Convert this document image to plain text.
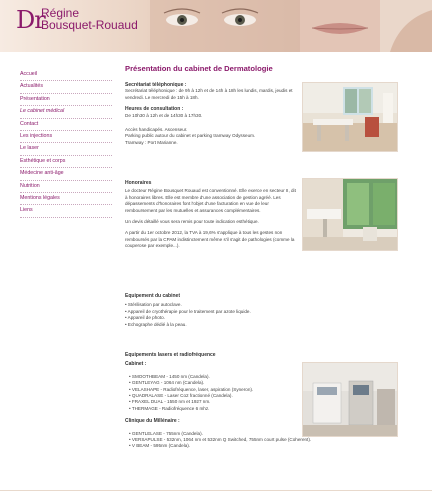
Dr
Régine
Bousquet-Rouaud
Accueil
Actualités
Présentation
Le cabinet médical
Contact
Les injections
Le laser
Esthétique et corps
Médecine anti-âge
Nutrition
Mentions légales
Liens
Présentation du cabinet de Dermatologie

Secrétariat téléphonique :

Secrétariat téléphonique : de 9h à 12h et de 14h à 18h les lundis, mardis, jeudis et vendredi. Le mercredi de 15h à 18h.

Heures de consultation :

De 10h30 à 12h et de 14h30 à 17h30.

Accès handicapés. Ascenseur.

Parking public autour du cabinet et parking tramway Odysseum.

Tramway : Port Marianne.

Honoraires

Le docteur Régine Bousquet Rouaud est conventionné. Elle exerce en secteur II, dit à honoraires libres. Elle est membre d'une association de gestion agréé. Les dépassements d'honoraires font l'objet d'une facturation en vue de leur remboursement par les mutuelles et assurances complémentaires.

Un devis détaillé vous sera remis pour toute indication esthétique.

A partir du 1er octobre 2012, la TVA à 19,6% s'applique à tous les gestes non remboursés par la CPAM indistinctement même s'il s'agit de pathologies (comme la couperose par exemple...).

Equipement du cabinet

• Stérilisation par autoclave.
• Appareil de cryothérapie pour le traitement par azote liquide.
• Appareil de photo.
• Echographe dédié à la peau.

Equipements lasers et radiofréquence

Cabinet :

• SMOOTHBEAM - 1450 nm (Candela).
• GENTLEYAG - 1064 nm (Candela).
• VELASHAPE - Radiofréquence, laser, aspiration (Syneron).
• QUADRALASE - Laser Co2 fractionné (Candela).
• FRAXEL DUAL - 1550 nm et 1927 nm.
• THERMAGE - Radiofréquence 6 mhz.

Clinique du Millénaire :

• GENTLELASE - 755nm (Candela).
• VERSAPULSE - 532nm, 1064 nm et 532nm Q Switched, 755nm court pulse (Coherent).
• V BEAM - 595nm (Candela).
